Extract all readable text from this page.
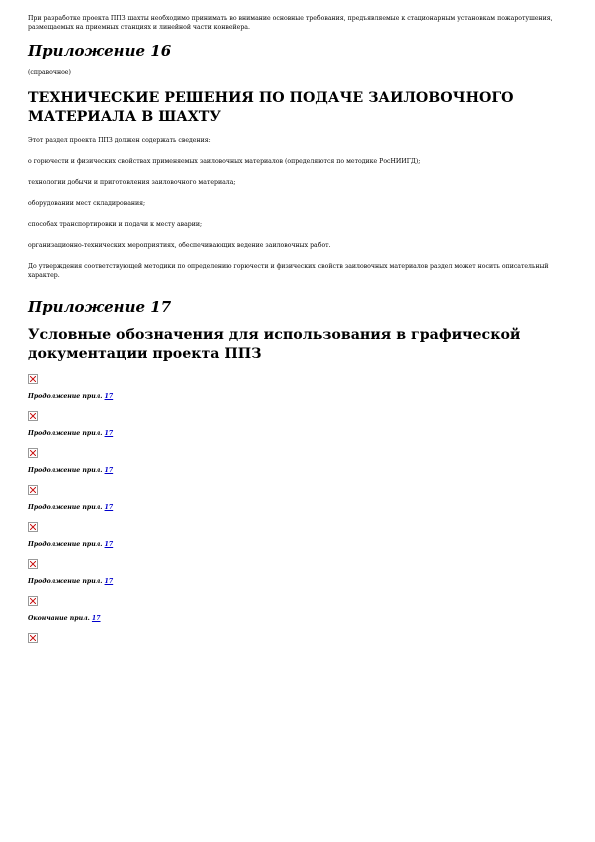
При разработке проекта ППЗ шахты необходимо принимать во внимание основные требования, предъявляемые к стационарным установкам пожаротушения, размещаемых на приемных станциях и линейной части конвейера.

Приложение 16

(справочное)

ТЕХНИЧЕСКИЕ РЕШЕНИЯ ПО ПОДАЧЕ ЗАИЛОВОЧНОГО МАТЕРИАЛА В ШАХТУ

Этот раздел проекта ППЗ должен содержать сведения:

о горючести и физических свойствах применяемых заиловочных материалов (определяются по методике РосНИИГД);

технологии добычи и приготовления заиловочного материала;

оборудовании мест складирования;

способах транспортировки и подачи к месту аварии;

организационно-технических мероприятиях, обеспечивающих ведение заиловочных работ.

До утверждения соответствующей методики по определению горючести и физических свойств заиловочных материалов раздел может носить описательный характер.

Приложение 17
Условные обозначения для использования в графической документации проекта ППЗ

Продолжение прил. 17

Продолжение прил. 17

Продолжение прил. 17

Продолжение прил. 17

Продолжение прил. 17

Продолжение прил. 17

Окончание прил. 17
